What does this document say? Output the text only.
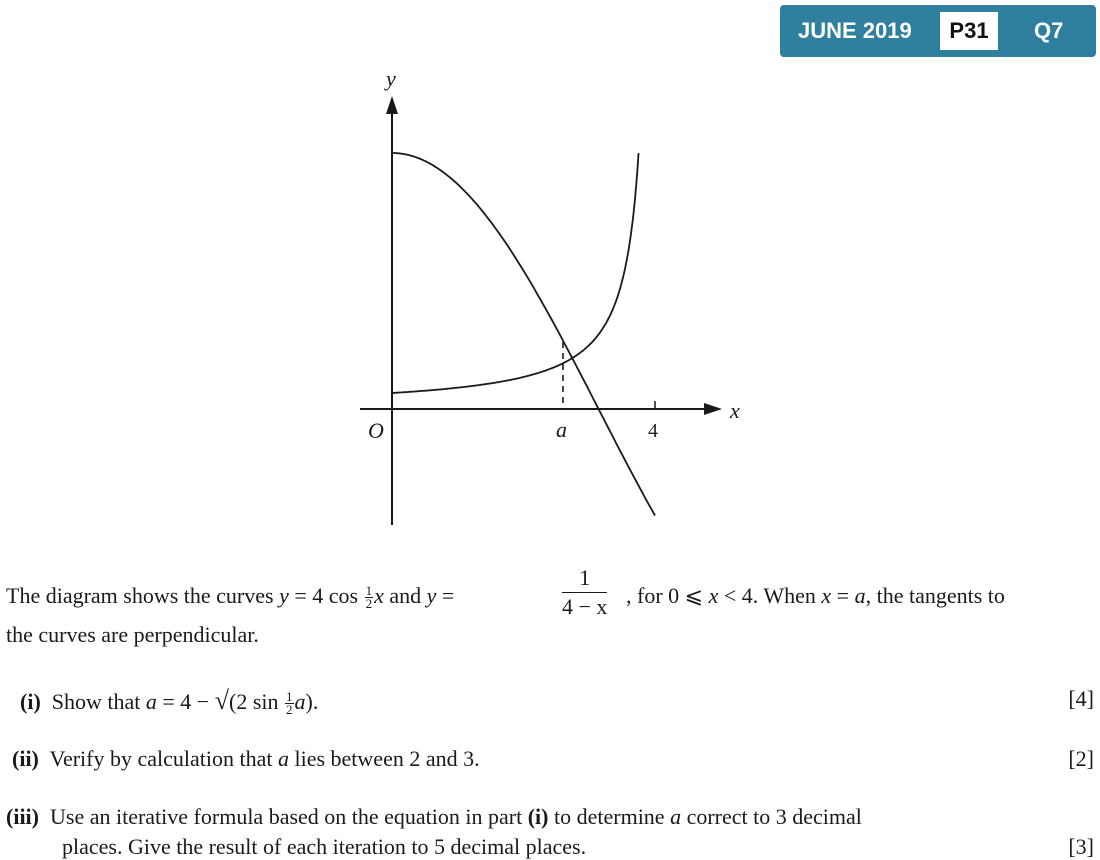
JUNE 2019	P31	Q7
y
x
O	a	4
The diagram shows the curves y = 4 $\cos \frac{1}{2}$ x and y =	$\frac{1}{4 - x}$ , for 0 ⩽ x < 4. When x = a, the tangents to
the curves are perpendicular.
(i) Show that a = 4 − √(2 $\sin \frac{1}{2} a$).	[4]
(ii) Verify by calculation that a lies between 2 and 3.	[2]
(iii) Use an iterative formula based on the equation in part (i) to determine a correct to 3 decimal
places. Give the result of each iteration to 5 decimal places.	[3]
